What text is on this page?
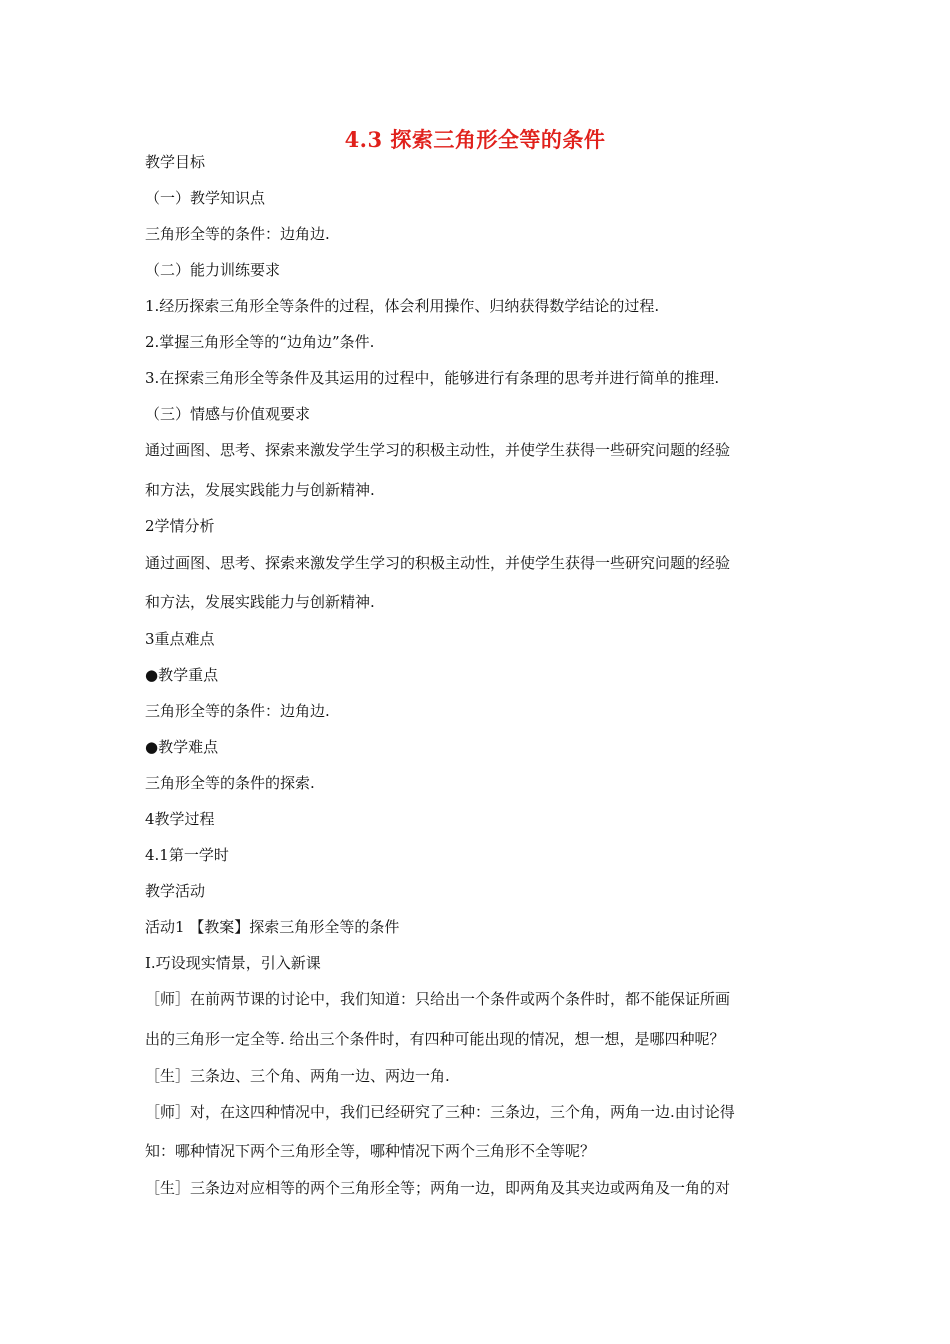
4.3 探索三角形全等的条件
教学目标
（一）教学知识点
三角形全等的条件：边角边.
（二）能力训练要求
1.经历探索三角形全等条件的过程，体会利用操作、归纳获得数学结论的过程.
2.掌握三角形全等的“边角边”条件.
3.在探索三角形全等条件及其运用的过程中，能够进行有条理的思考并进行简单的推理.
（三）情感与价值观要求
通过画图、思考、探索来激发学生学习的积极主动性，并使学生获得一些研究问题的经验
和方法，发展实践能力与创新精神.
2学情分析
通过画图、思考、探索来激发学生学习的积极主动性，并使学生获得一些研究问题的经验
和方法，发展实践能力与创新精神.
3重点难点
●教学重点
三角形全等的条件：边角边.
●教学难点
三角形全等的条件的探索.
4教学过程
4.1第一学时
教学活动
活动1 【教案】探索三角形全等的条件
Ⅰ.巧设现实情景，引入新课
［师］在前两节课的讨论中，我们知道：只给出一个条件或两个条件时，都不能保证所画
出的三角形一定全等. 给出三个条件时，有四种可能出现的情况，想一想，是哪四种呢？
［生］三条边、三个角、两角一边、两边一角.
［师］对，在这四种情况中，我们已经研究了三种：三条边，三个角，两角一边.由讨论得
知：哪种情况下两个三角形全等，哪种情况下两个三角形不全等呢？
［生］三条边对应相等的两个三角形全等；两角一边，即两角及其夹边或两角及一角的对
